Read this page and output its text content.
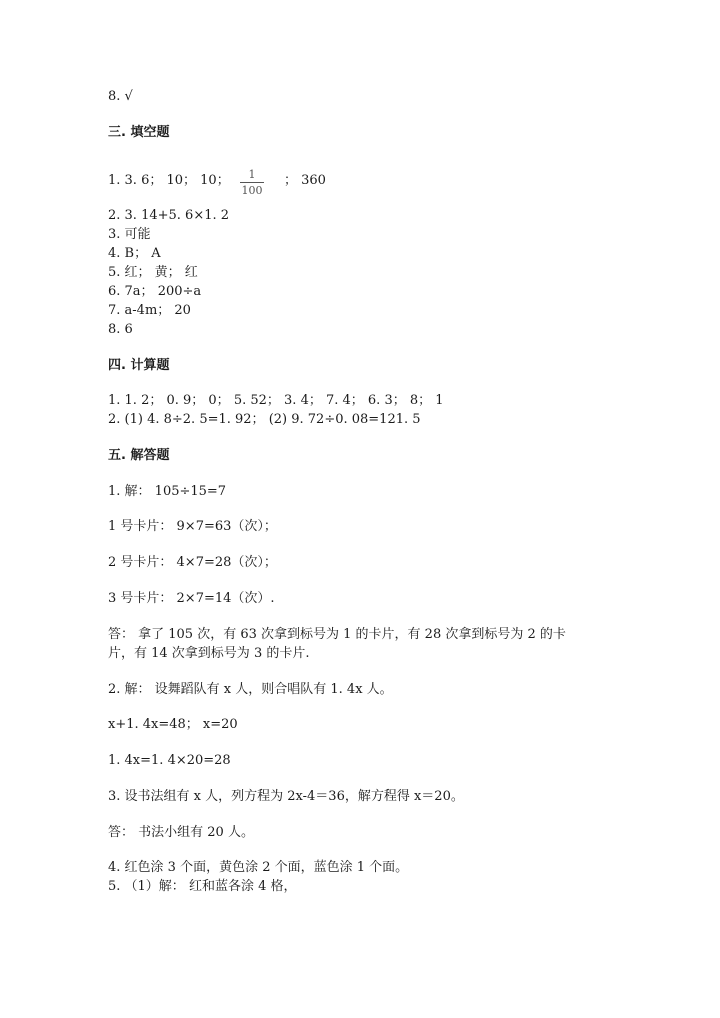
8. √
三. 填空题
1. 3. 6； 10； 10；	1
100
； 360
2. 3. 14+5. 6×1. 2
3. 可能
4. B； A
5. 红； 黄； 红
6. 7a； 200÷a
7. a-4m； 20
8. 6
四. 计算题
1. 1. 2； 0. 9； 0； 5. 52； 3. 4； 7. 4； 6. 3； 8； 1
2. (1) 4. 8÷2. 5=1. 92； (2) 9. 72÷0. 08=121. 5
五. 解答题
1. 解： 105÷15=7
1 号卡片： 9×7=63（次）；
2 号卡片： 4×7=28（次）；
3 号卡片： 2×7=14（次）.
答： 拿了 105 次，有 63 次拿到标号为 1 的卡片，有 28 次拿到标号为 2 的卡
片，有 14 次拿到标号为 3 的卡片.
2. 解： 设舞蹈队有 x 人，则合唱队有 1. 4x 人。
x+1. 4x=48； x=20
1. 4x=1. 4×20=28
3. 设书法组有 x 人，列方程为 2x-4＝36，解方程得 x＝20。
答： 书法小组有 20 人。
4. 红色涂 3 个面，黄色涂 2 个面，蓝色涂 1 个面。
5. （1）解： 红和蓝各涂 4 格，
